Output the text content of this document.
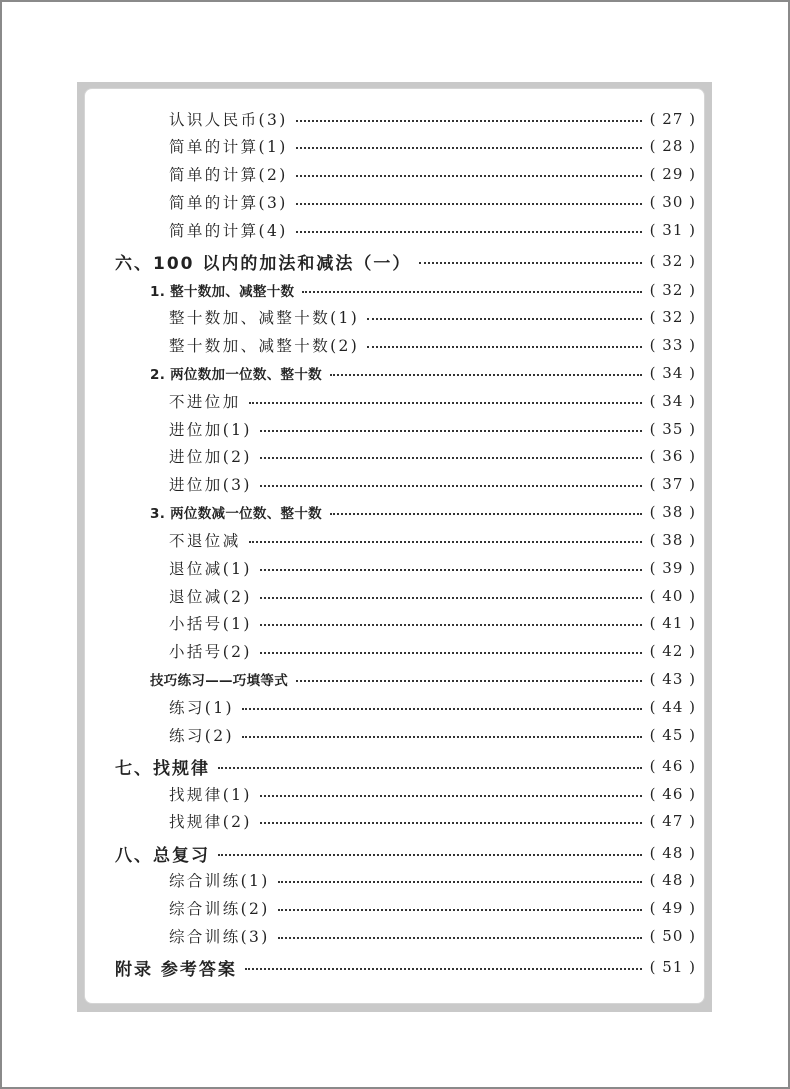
认识人民币(3)	( 27 )
简单的计算(1)	( 28 )
简单的计算(2)	( 29 )
简单的计算(3)	( 30 )
简单的计算(4)	( 31 )
六、100 以内的加法和减法（一）	( 32 )
1. 整十数加、减整十数	( 32 )
整十数加、减整十数(1)	( 32 )
整十数加、减整十数(2)	( 33 )
2. 两位数加一位数、整十数	( 34 )
不进位加	( 34 )
进位加(1)	( 35 )
进位加(2)	( 36 )
进位加(3)	( 37 )
3. 两位数减一位数、整十数	( 38 )
不退位减	( 38 )
退位减(1)	( 39 )
退位减(2)	( 40 )
小括号(1)	( 41 )
小括号(2)	( 42 )
技巧练习——巧填等式	( 43 )
练习(1)	( 44 )
练习(2)	( 45 )
七、找规律	( 46 )
找规律(1)	( 46 )
找规律(2)	( 47 )
八、总复习	( 48 )
综合训练(1)	( 48 )
综合训练(2)	( 49 )
综合训练(3)	( 50 )
附录 参考答案	( 51 )
